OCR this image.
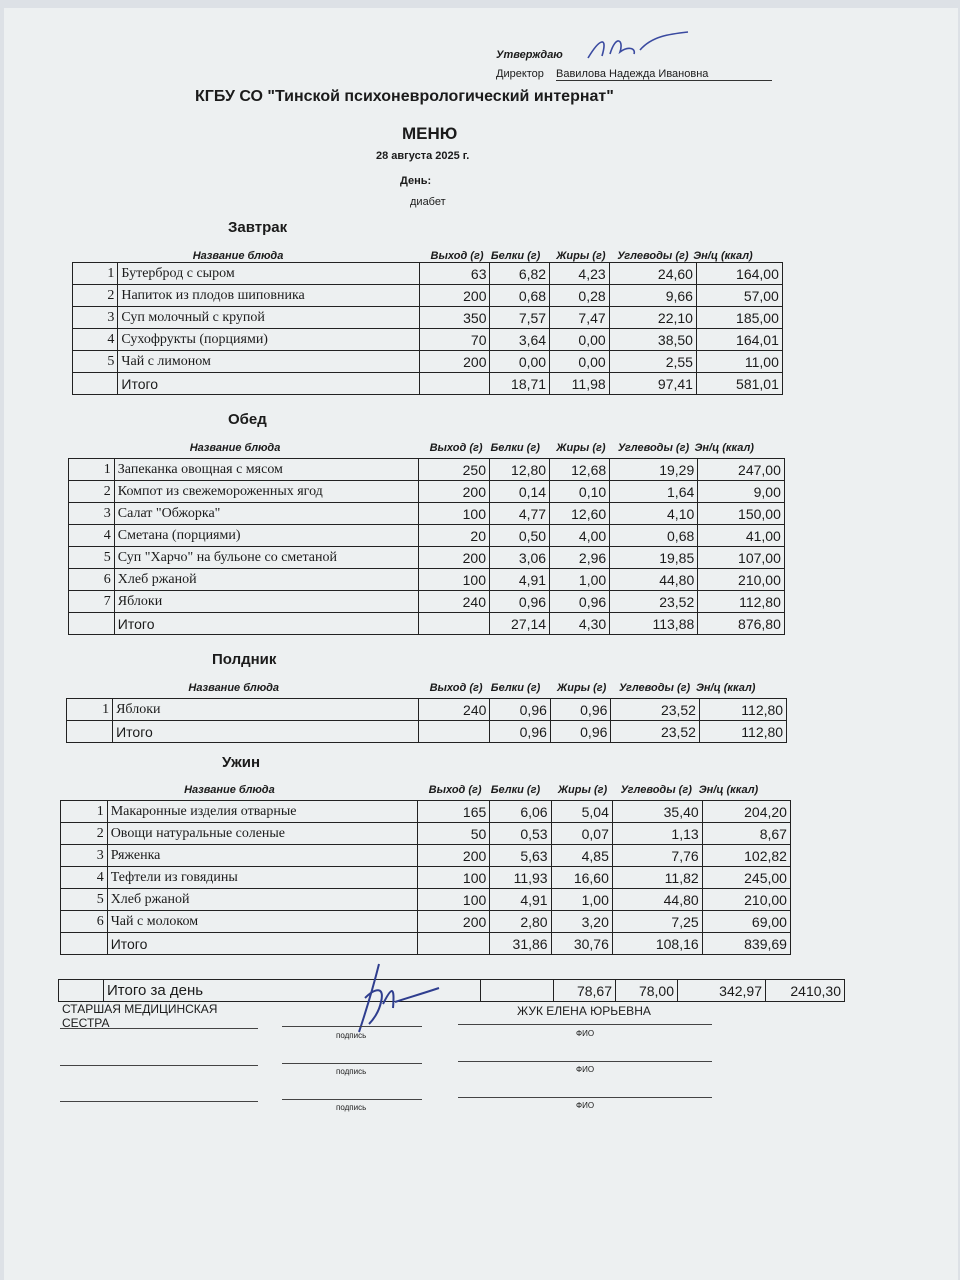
Утверждаю
Директор Вавилова Надежда Ивановна
КГБУ СО "Тинской психоневрологический интернат"
МЕНЮ
28 августа 2025 г.
День:
диабет
Завтрак
Название блюда	Выход (г) Белки (г) Жиры (г) Углеводы (г) Эн/ц (ккал)
1	Бутерброд с сыром	63	6,82	4,23	24,60	164,00
2	Напиток из плодов шиповника	200	0,68	0,28	9,66	57,00
3	Суп молочный с крупой	350	7,57	7,47	22,10	185,00
4	Сухофрукты (порциями)	70	3,64	0,00	38,50	164,01
5	Чай с лимоном	200	0,00	0,00	2,55	11,00
	Итого		18,71	11,98	97,41	581,01
Обед
Название блюда	Выход (г) Белки (г) Жиры (г) Углеводы (г) Эн/ц (ккал)
1	Запеканка овощная с мясом	250	12,80	12,68	19,29	247,00
2	Компот из свежемороженных ягод	200	0,14	0,10	1,64	9,00
3	Салат "Обжорка"	100	4,77	12,60	4,10	150,00
4	Сметана (порциями)	20	0,50	4,00	0,68	41,00
5	Суп "Харчо" на бульоне со сметаной	200	3,06	2,96	19,85	107,00
6	Хлеб ржаной	100	4,91	1,00	44,80	210,00
7	Яблоки	240	0,96	0,96	23,52	112,80
	Итого		27,14	4,30	113,88	876,80
Полдник
Название блюда	Выход (г) Белки (г) Жиры (г) Углеводы (г) Эн/ц (ккал)
1	Яблоки	240	0,96	0,96	23,52	112,80
	Итого		0,96	0,96	23,52	112,80
Ужин
Название блюда	Выход (г) Белки (г) Жиры (г) Углеводы (г) Эн/ц (ккал)
1	Макаронные изделия отварные	165	6,06	5,04	35,40	204,20
2	Овощи натуральные соленые	50	0,53	0,07	1,13	8,67
3	Ряженка	200	5,63	4,85	7,76	102,82
4	Тефтели из говядины	100	11,93	16,60	11,82	245,00
5	Хлеб ржаной	100	4,91	1,00	44,80	210,00
6	Чай с молоком	200	2,80	3,20	7,25	69,00
	Итого		31,86	30,76	108,16	839,69
	Итого за день		78,67	78,00	342,97	2410,30
СТАРШАЯ МЕДИЦИНСКАЯ СЕСТРА
ЖУК ЕЛЕНА ЮРЬЕВНА
подпись	ФИО
подпись	ФИО
подпись	ФИО
